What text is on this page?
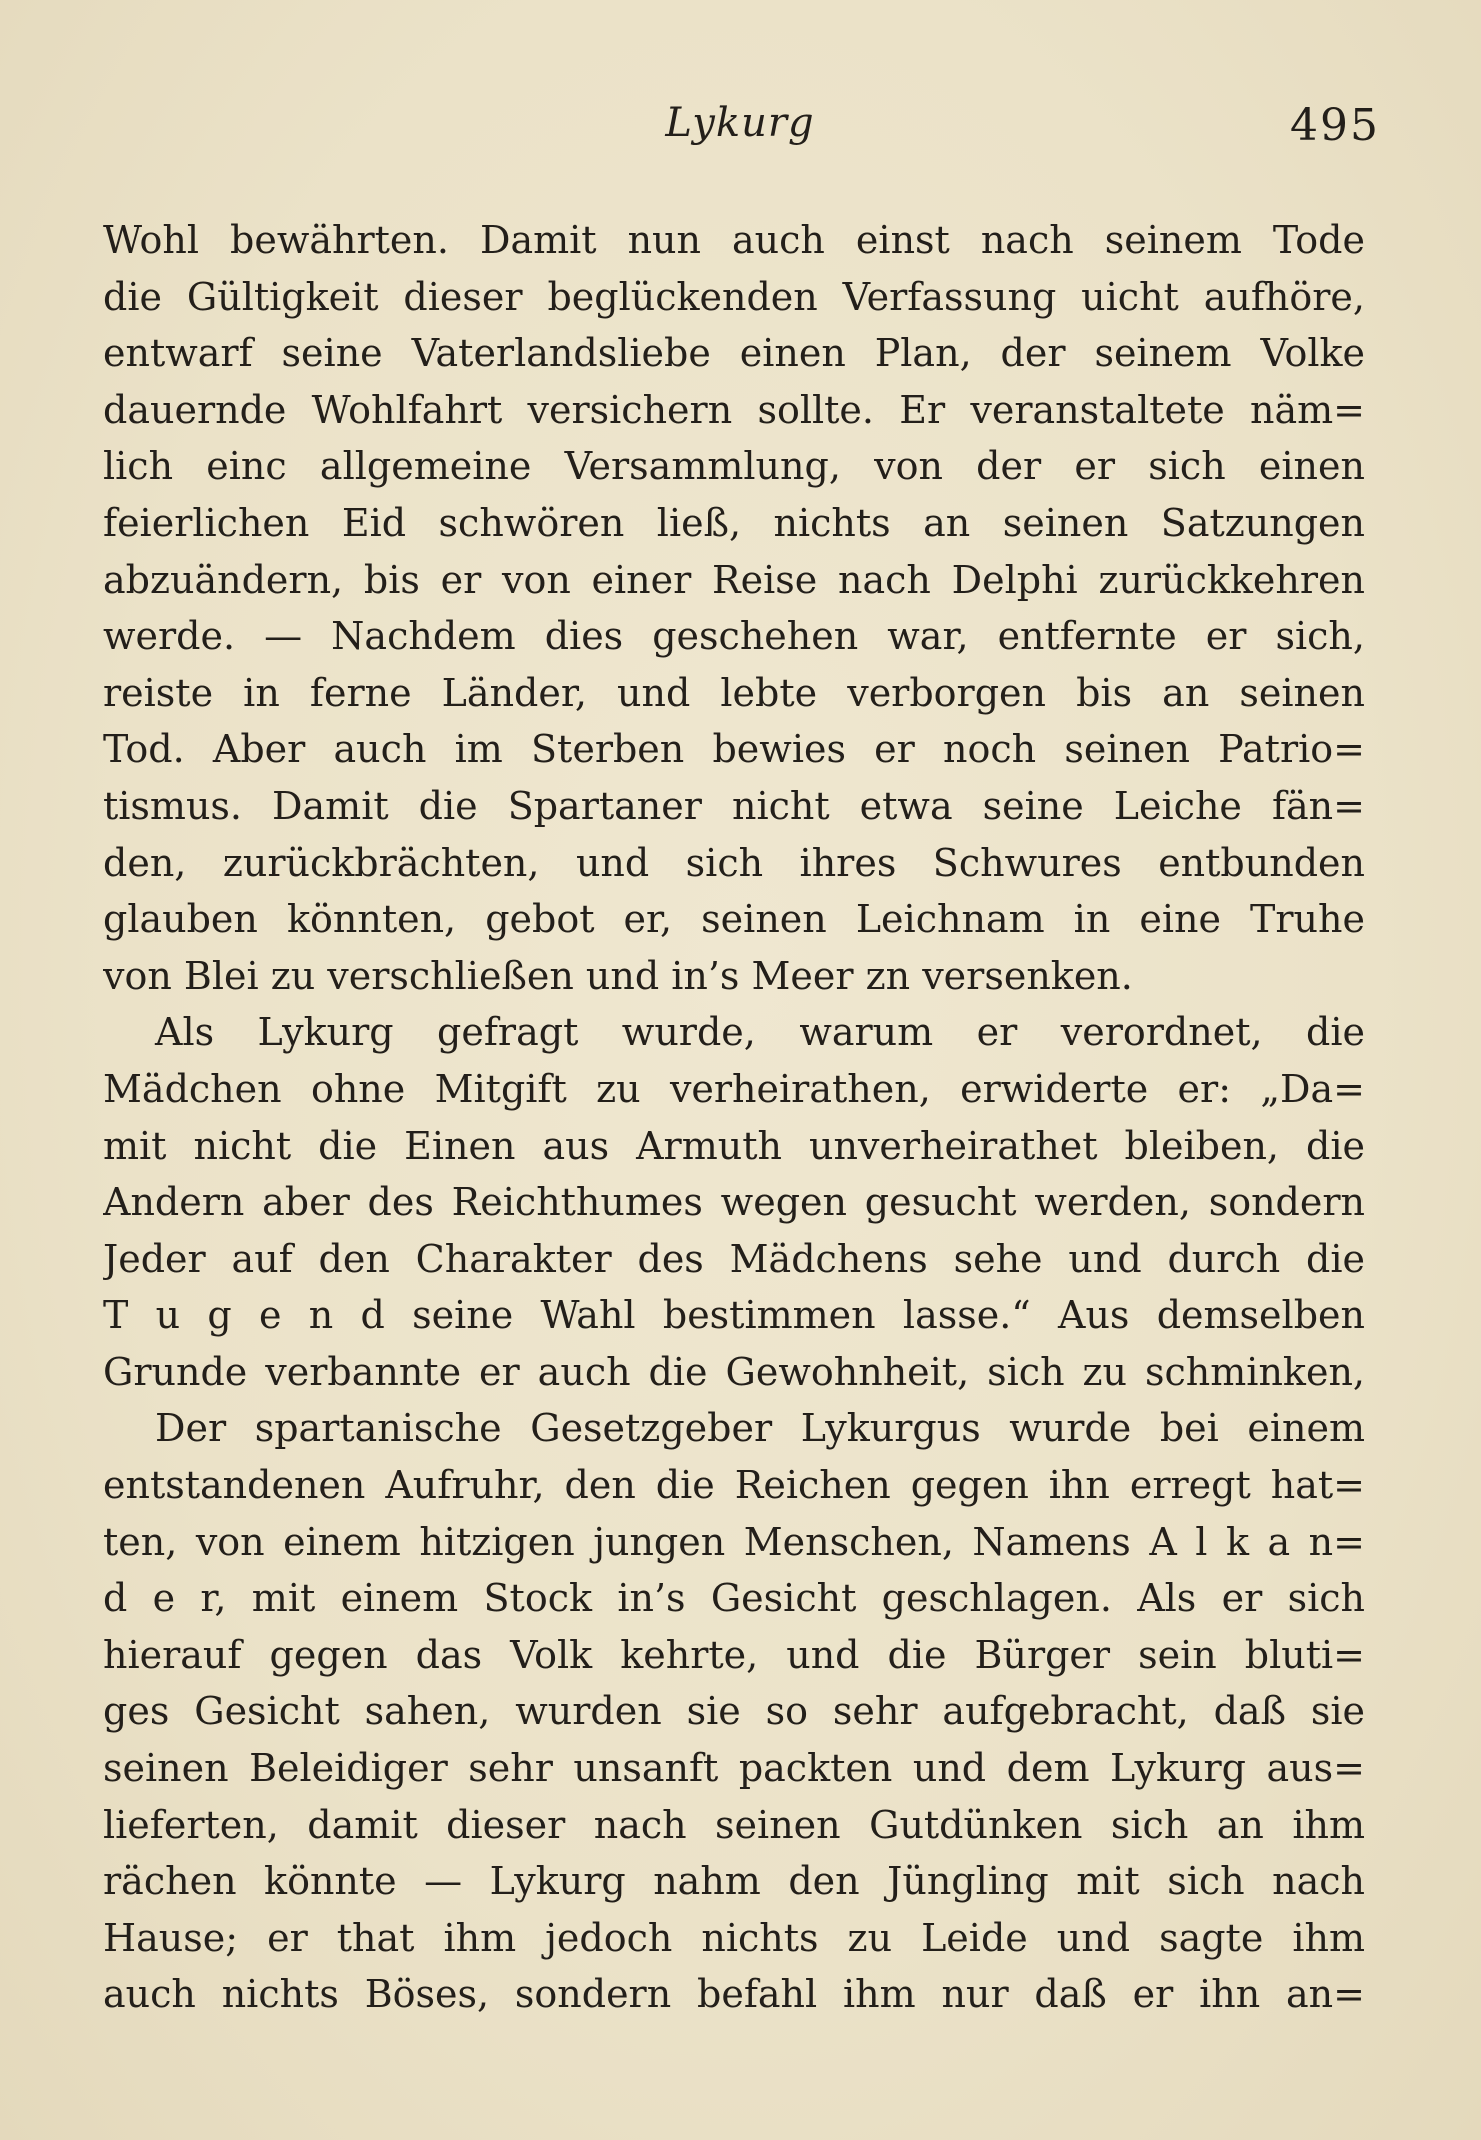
Lykurg	495
Wohl bewährten. Damit nun auch einst nach seinem Tode
die Gültigkeit dieser beglückenden Verfassung uicht aufhöre,
entwarf seine Vaterlandsliebe einen Plan, der seinem Volke
dauernde Wohlfahrt versichern sollte. Er veranstaltete näm=
lich einc allgemeine Versammlung, von der er sich einen
feierlichen Eid schwören ließ, nichts an seinen Satzungen
abzuändern, bis er von einer Reise nach Delphi zurückkehren
werde. — Nachdem dies geschehen war, entfernte er sich,
reiste in ferne Länder, und lebte verborgen bis an seinen
Tod. Aber auch im Sterben bewies er noch seinen Patrio=
tismus. Damit die Spartaner nicht etwa seine Leiche fän=
den, zurückbrächten, und sich ihres Schwures entbunden
glauben könnten, gebot er, seinen Leichnam in eine Truhe
von Blei zu verschließen und in’s Meer zn versenken.
Als Lykurg gefragt wurde, warum er verordnet, die
Mädchen ohne Mitgift zu verheirathen, erwiderte er: „Da=
mit nicht die Einen aus Armuth unverheirathet bleiben, die
Andern aber des Reichthumes wegen gesucht werden, sondern
Jeder auf den Charakter des Mädchens sehe und durch die
T u g e n d seine Wahl bestimmen lasse.“ Aus demselben
Grunde verbannte er auch die Gewohnheit, sich zu schminken,
Der spartanische Gesetzgeber Lykurgus wurde bei einem
entstandenen Aufruhr, den die Reichen gegen ihn erregt hat=
ten, von einem hitzigen jungen Menschen, Namens A l k a n=
d e r, mit einem Stock in’s Gesicht geschlagen. Als er sich
hierauf gegen das Volk kehrte, und die Bürger sein bluti=
ges Gesicht sahen, wurden sie so sehr aufgebracht, daß sie
seinen Beleidiger sehr unsanft packten und dem Lykurg aus=
lieferten, damit dieser nach seinen Gutdünken sich an ihm
rächen könnte — Lykurg nahm den Jüngling mit sich nach
Hause; er that ihm jedoch nichts zu Leide und sagte ihm
auch nichts Böses, sondern befahl ihm nur daß er ihn an=
